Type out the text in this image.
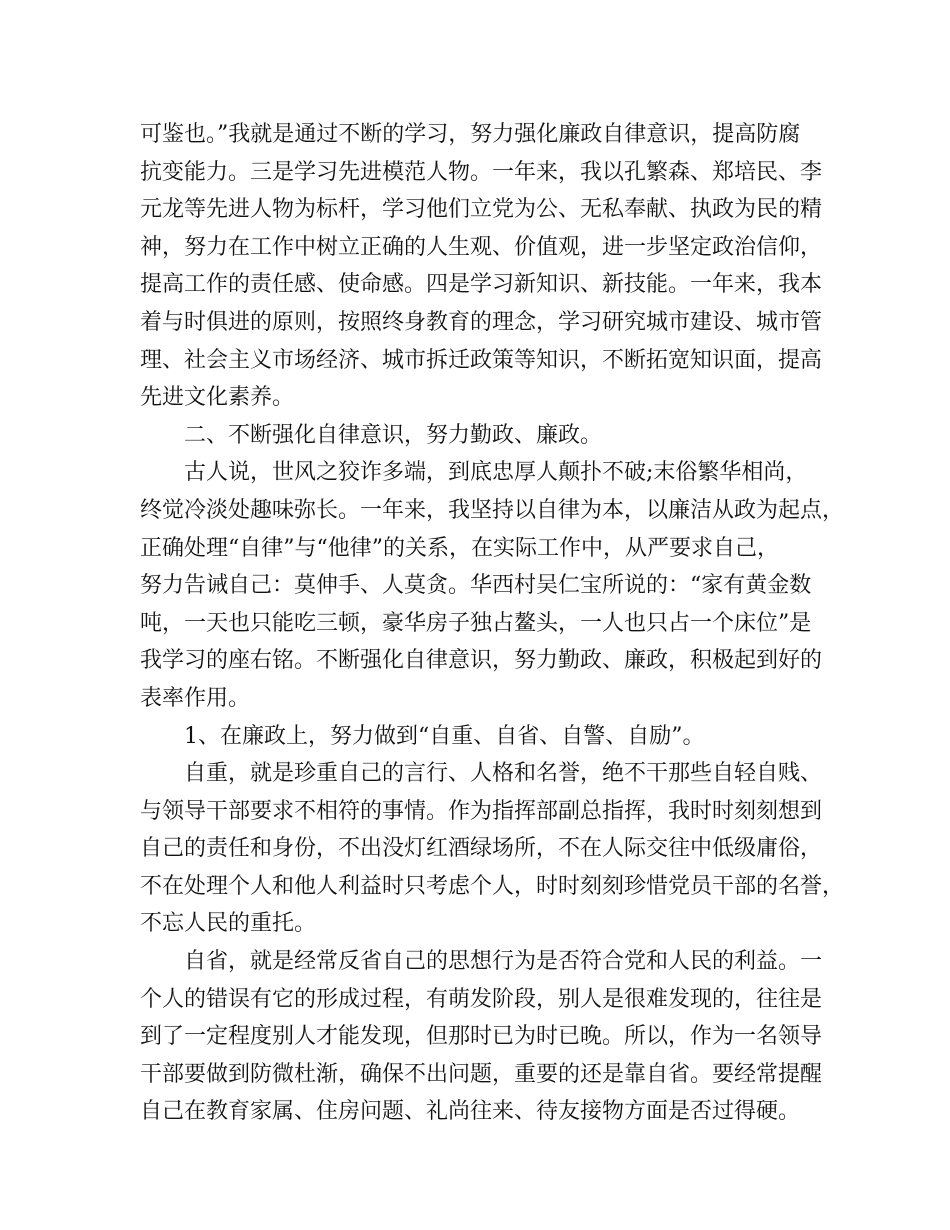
可鉴也。”我就是通过不断的学习，努力强化廉政自律意识，提高防腐
抗变能力。三是学习先进模范人物。一年来，我以孔繁森、郑培民、李
元龙等先进人物为标杆，学习他们立党为公、无私奉献、执政为民的精
神，努力在工作中树立正确的人生观、价值观，进一步坚定政治信仰，
提高工作的责任感、使命感。四是学习新知识、新技能。一年来，我本
着与时俱进的原则，按照终身教育的理念，学习研究城市建设、城市管
理、社会主义市场经济、城市拆迁政策等知识，不断拓宽知识面，提高
先进文化素养。
二、不断强化自律意识，努力勤政、廉政。
古人说，世风之狡诈多端，到底忠厚人颠扑不破;末俗繁华相尚，
终觉冷淡处趣味弥长。一年来，我坚持以自律为本，以廉洁从政为起点，
正确处理“自律”与“他律”的关系，在实际工作中，从严要求自己，
努力告诫自己：莫伸手、人莫贪。华西村吴仁宝所说的：“家有黄金数
吨，一天也只能吃三顿，豪华房子独占鳌头，一人也只占一个床位”是
我学习的座右铭。不断强化自律意识，努力勤政、廉政，积极起到好的
表率作用。
1、在廉政上，努力做到“自重、自省、自警、自励”。
自重，就是珍重自己的言行、人格和名誉，绝不干那些自轻自贱、
与领导干部要求不相符的事情。作为指挥部副总指挥，我时时刻刻想到
自己的责任和身份，不出没灯红酒绿场所，不在人际交往中低级庸俗，
不在处理个人和他人利益时只考虑个人，时时刻刻珍惜党员干部的名誉，
不忘人民的重托。
自省，就是经常反省自己的思想行为是否符合党和人民的利益。一
个人的错误有它的形成过程，有萌发阶段，别人是很难发现的，往往是
到了一定程度别人才能发现，但那时已为时已晚。所以，作为一名领导
干部要做到防微杜渐，确保不出问题，重要的还是靠自省。要经常提醒
自己在教育家属、住房问题、礼尚往来、待友接物方面是否过得硬。
